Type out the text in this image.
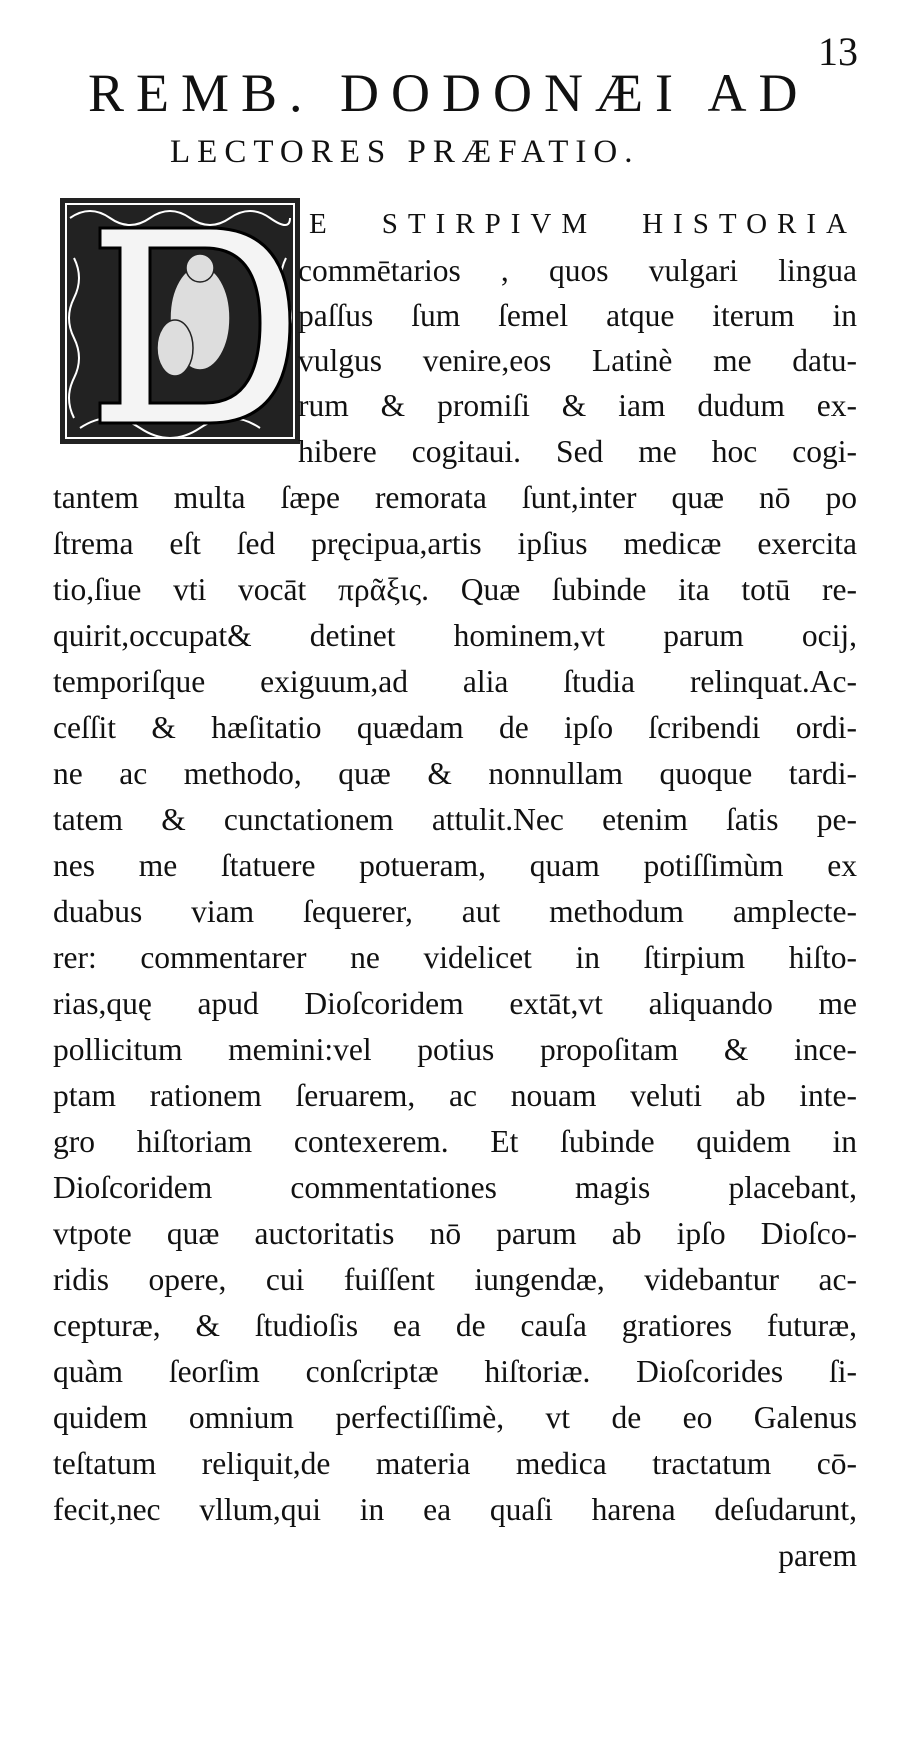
13
REMB. DODONÆI AD
LECTORES PRÆFATIO.
E STIRPIVM HISTORIA
commētarios , quos vulgari lingua
paſſus ſum ſemel atque iterum in
vulgus venire,eos Latinè me datu-
rum & promiſi & iam dudum ex-
hibere cogitaui. Sed me hoc cogi-
tantem multa ſæpe remorata ſunt,inter quæ nō po
ſtrema eſt ſed pręcipua,artis ipſius medicæ exercita
tio,ſiue vti vocāt πρᾶξις. Quæ ſubinde ita totū re-
quirit,occupat& detinet hominem,vt parum ocij,
temporiſque exiguum,ad alia ſtudia relinquat.Ac-
ceſſit & hæſitatio quædam de ipſo ſcribendi ordi-
ne ac methodo, quæ & nonnullam quoque tardi-
tatem & cunctationem attulit.Nec etenim ſatis pe-
nes me ſtatuere potueram, quam potiſſimùm ex
duabus viam ſequerer, aut methodum amplecte-
rer: commentarer ne videlicet in ſtirpium hiſto-
rias,quę apud Dioſcoridem extāt,vt aliquando me
pollicitum memini:vel potius propoſitam & ince-
ptam rationem ſeruarem, ac nouam veluti ab inte-
gro hiſtoriam contexerem. Et ſubinde quidem in
Dioſcoridem commentationes magis placebant,
vtpote quæ auctoritatis nō parum ab ipſo Dioſco-
ridis opere, cui fuiſſent iungendæ, videbantur ac-
cepturæ, & ſtudioſis ea de cauſa gratiores futuræ,
quàm ſeorſim conſcriptæ hiſtoriæ. Dioſcorides ſi-
quidem omnium perfectiſſimè, vt de eo Galenus
teſtatum reliquit,de materia medica tractatum cō-
fecit,nec vllum,qui in ea quaſi harena deſudarunt,
parem
